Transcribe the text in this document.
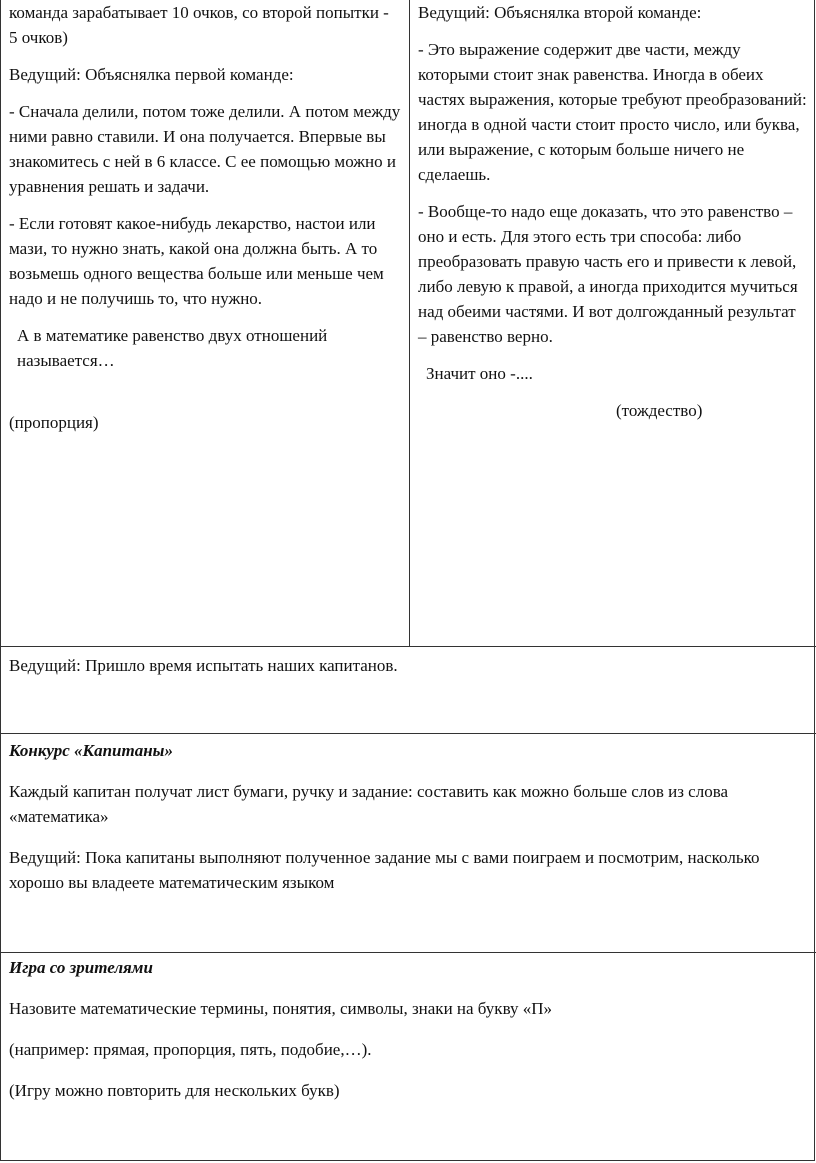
команда зарабатывает 10 очков, со второй попытки - 5 очков)

Ведущий: Объяснялка первой команде:

- Сначала делили, потом тоже делили. А потом между ними равно ставили. И она получается. Впервые вы знакомитесь с ней в 6 классе. С ее помощью можно и уравнения решать и задачи.

- Если готовят какое-нибудь лекарство, настои или мази, то нужно знать, какой она должна быть. А то возьмешь одного вещества больше или меньше чем надо и не получишь то, что нужно.

А в математике равенство двух отношений называется…

(пропорция)

Ведущий: Объяснялка второй команде:

- Это выражение содержит две части, между которыми стоит знак равенства. Иногда в обеих частях выражения, которые требуют преобразований: иногда в одной части стоит просто число, или буква, или выражение, с которым больше ничего не сделаешь.

- Вообще-то надо еще доказать, что это равенство – оно и есть. Для этого есть три способа: либо преобразовать правую часть его и привести к левой, либо левую к правой, а иногда приходится мучиться над обеими частями. И вот долгожданный результат – равенство верно.

Значит оно -....

(тождество)

Ведущий: Пришло время испытать наших капитанов.

Конкурс «Капитаны»

Каждый капитан получат лист бумаги, ручку и задание: составить как можно больше слов из слова «математика»

Ведущий: Пока капитаны выполняют полученное задание мы с вами поиграем и посмотрим, насколько хорошо вы владеете математическим языком

Игра со зрителями

Назовите математические термины, понятия, символы, знаки на букву «П»

(например: прямая, пропорция, пять, подобие,…).

(Игру можно повторить для нескольких букв)
